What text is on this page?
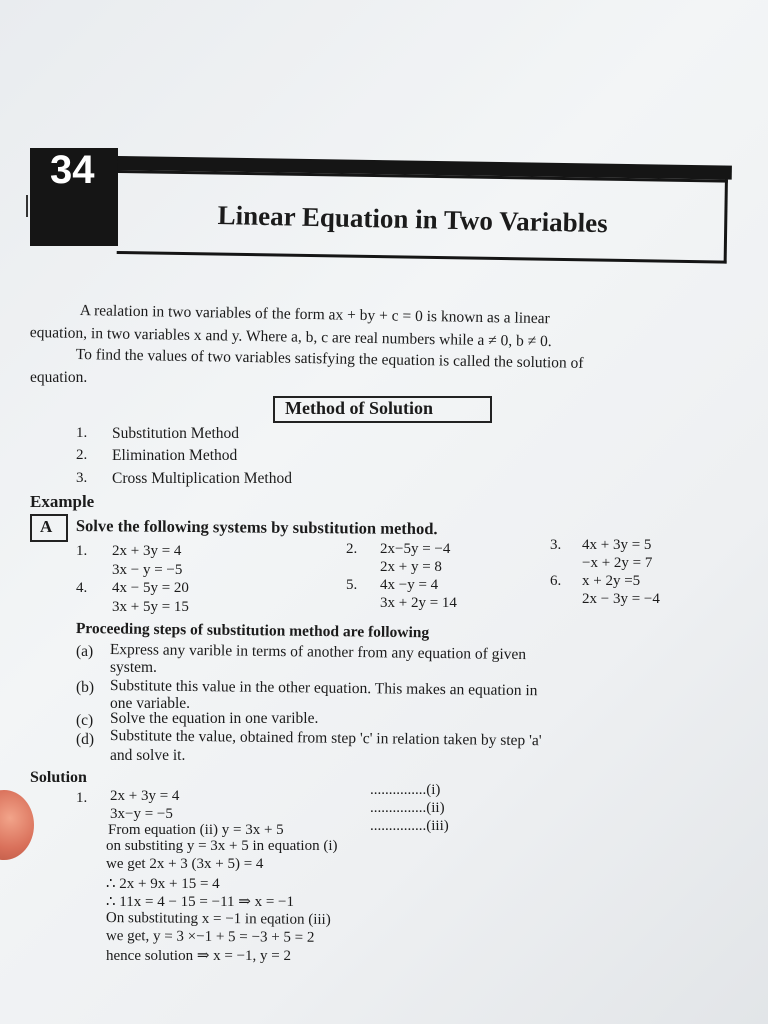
34
Linear Equation in Two Variables
A realation in two variables of the form ax + by + c = 0 is known as a linear
equation, in two variables x and y. Where a, b, c are real numbers while a ≠ 0, b ≠ 0.
To find the values of two variables satisfying the equation is called the solution of
equation.
Method of Solution
1. Substitution Method
2. Elimination Method
3. Cross Multiplication Method
Example
A Solve the following systems by substitution method.
1. 2x + 3y = 4
3x − y = −5
2. 2x−5y = −4
2x + y = 8
3. 4x + 3y = 5
−x + 2y = 7
4. 4x − 5y = 20
3x + 5y = 15
5. 4x −y = 4
3x + 2y = 14
6. x + 2y =5
2x − 3y = −4
Proceeding steps of substitution method are following
(a) Express any varible in terms of another from any equation of given
system.
(b) Substitute this value in the other equation. This makes an equation in
one variable.
(c) Solve the equation in one varible.
(d) Substitute the value, obtained from step 'c' in relation taken by step 'a'
and solve it.
Solution
1. 2x + 3y = 4	...............(i)
3x−y = −5	...............(ii)
From equation (ii) y = 3x + 5	...............(iii)
on substiting y = 3x + 5 in equation (i)
we get 2x + 3 (3x + 5) = 4
∴ 2x + 9x + 15 = 4
∴ 11x = 4 − 15 = −11 ⇒ x = −1
On substituting x = −1 in eqation (iii)
we get, y = 3 ×−1 + 5 = −3 + 5 = 2
hence solution ⇒ x = −1, y = 2
